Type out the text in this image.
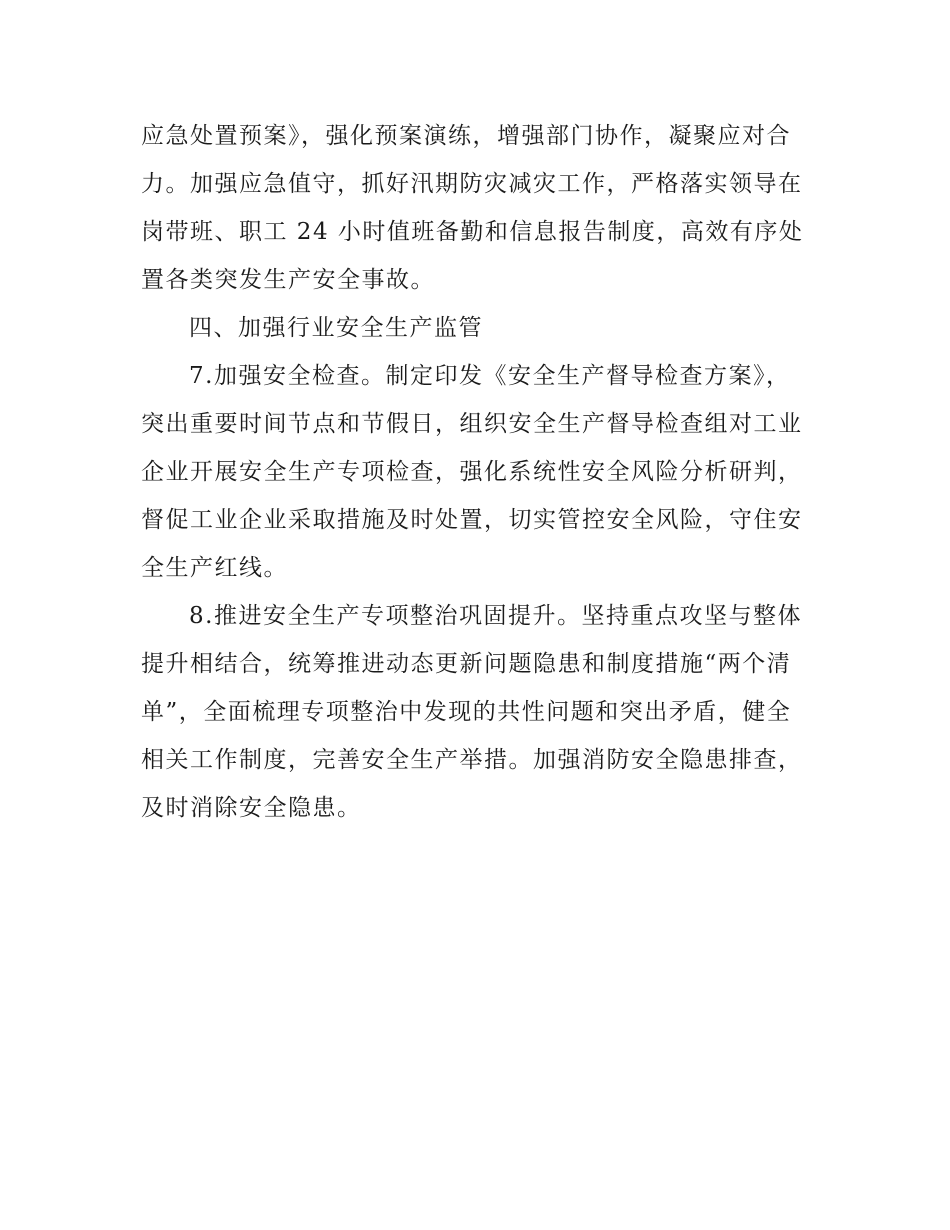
应急处置预案》，强化预案演练，增强部门协作，凝聚应对合
力。加强应急值守，抓好汛期防灾减灾工作，严格落实领导在
岗带班、职工 24 小时值班备勤和信息报告制度，高效有序处
置各类突发生产安全事故。

四、加强行业安全生产监管

7.加强安全检查。制定印发《安全生产督导检查方案》，
突出重要时间节点和节假日，组织安全生产督导检查组对工业
企业开展安全生产专项检查，强化系统性安全风险分析研判，
督促工业企业采取措施及时处置，切实管控安全风险，守住安
全生产红线。

8.推进安全生产专项整治巩固提升。坚持重点攻坚与整体
提升相结合，统筹推进动态更新问题隐患和制度措施“两个清
单”，全面梳理专项整治中发现的共性问题和突出矛盾，健全
相关工作制度，完善安全生产举措。加强消防安全隐患排查，
及时消除安全隐患。
